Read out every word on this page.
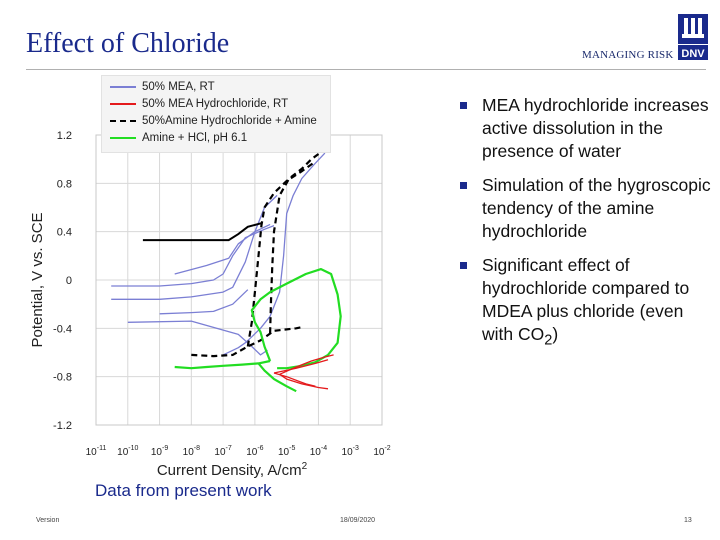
Effect of Chloride	MANAGING RISK DNV
1.2
0.8
0.4
0
-0.4
-0.8
-1.2
$10^{-11}$ $10^{-10}$ $10^{-9}$ $10^{-8}$ $10^{-7}$ $10^{-6}$ $10^{-5}$ $10^{-4}$ $10^{-3}$ $10^{-2}$
Potential, V vs. SCE
Current Density, $A/cm^2$
50% MEA, RT
50% MEA Hydrochloride, RT
50%Amine Hydrochloride + Amine
Amine + HCl, pH 6.1
MEA hydrochloride increases active dissolution in the presence of water
Simulation of the hygroscopic tendency of the amine hydrochloride
Significant effect of hydrochloride compared to MDEA plus chloride (even with $CO_2$)
Data from present work
Version	18/09/2020	13
